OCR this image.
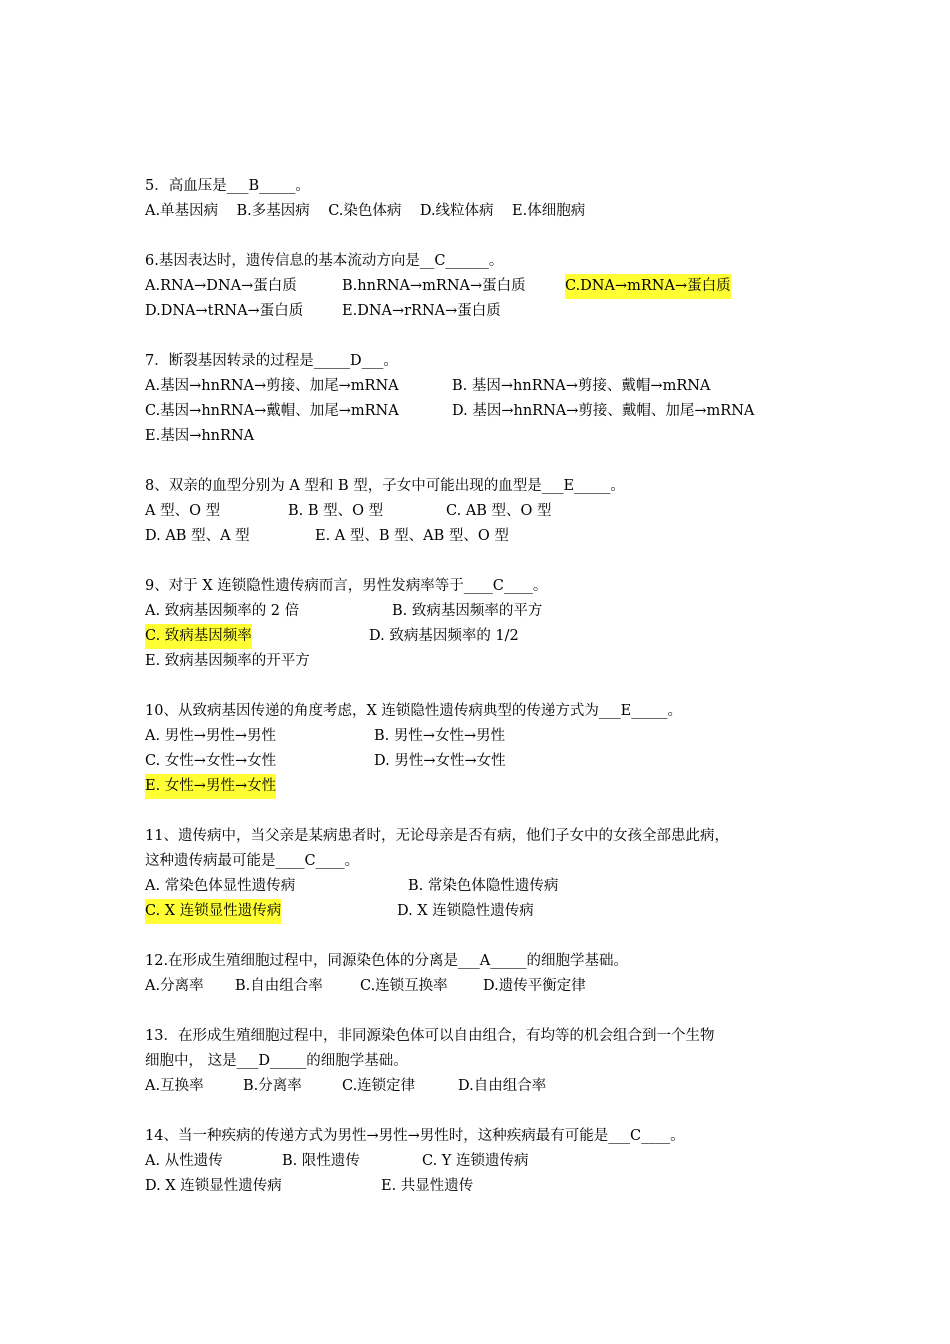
5．高血压是___B_____。

A.单基因病    B.多基因病    C.染色体病    D.线粒体病    E.体细胞病

6.基因表达时，遗传信息的基本流动方向是__C______。

A.RNA→DNA→蛋白质

	B.hnRNA→mRNA→蛋白质

	C.DNA→mRNA→蛋白质

D.DNA→tRNA→蛋白质

	E.DNA→rRNA→蛋白质

7．断裂基因转录的过程是_____D___。

A.基因→hnRNA→剪接、加尾→mRNA

	B. 基因→hnRNA→剪接、戴帽→mRNA

C.基因→hnRNA→戴帽、加尾→mRNA

	D. 基因→hnRNA→剪接、戴帽、加尾→mRNA

E.基因→hnRNA

8、双亲的血型分别为 A 型和 B 型，子女中可能出现的血型是___E_____。

A 型、O 型

	B. B 型、O 型

	C. AB 型、O 型

D. AB 型、A 型

	E. A 型、B 型、AB 型、O 型

9、对于 X 连锁隐性遗传病而言，男性发病率等于____C____。

A. 致病基因频率的 2 倍

	B. 致病基因频率的平方

C. 致病基因频率

	D. 致病基因频率的 1/2

E. 致病基因频率的开平方

10、从致病基因传递的角度考虑，X 连锁隐性遗传病典型的传递方式为___E_____。

A. 男性→男性→男性

	B. 男性→女性→男性

C. 女性→女性→女性

	D. 男性→女性→女性

E. 女性→男性→女性

11、遗传病中，当父亲是某病患者时，无论母亲是否有病，他们子女中的女孩全部患此病，

这种遗传病最可能是____C____。

A. 常染色体显性遗传病

	B. 常染色体隐性遗传病

C. X 连锁显性遗传病

	D. X 连锁隐性遗传病

12.在形成生殖细胞过程中，同源染色体的分离是___A_____的细胞学基础。

A.分离率

B.自由组合率

	C.连锁互换率

D.遗传平衡定律

13．在形成生殖细胞过程中，非同源染色体可以自由组合，有均等的机会组合到一个生物

细胞中， 这是___D_____的细胞学基础。

A.互换率

	B.分离率

	C.连锁定律

	D.自由组合率

14、当一种疾病的传递方式为男性→男性→男性时，这种疾病最有可能是___C____。

A. 从性遗传

	B. 限性遗传

	C. Y 连锁遗传病

D. X 连锁显性遗传病

	E. 共显性遗传
